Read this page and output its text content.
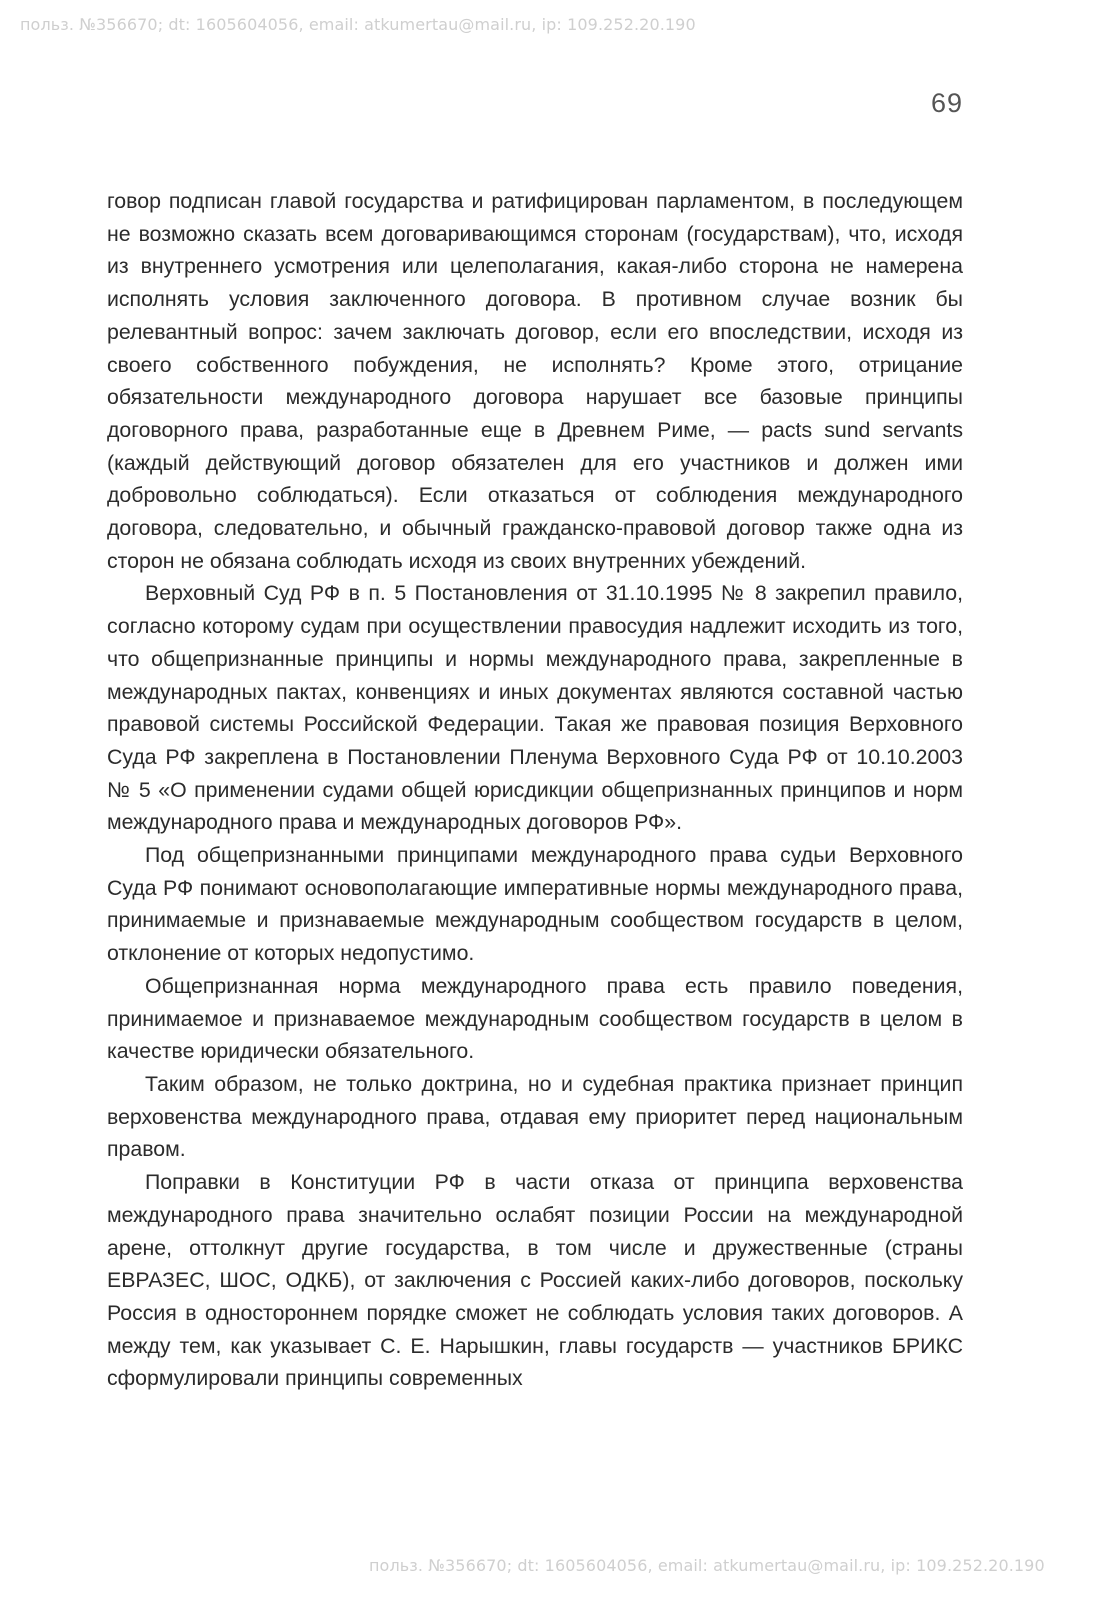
польз. №356670; dt: 1605604056, email: atkumertau@mail.ru, ip: 109.252.20.190
69

говор подписан главой государства и ратифицирован парламентом, в последующем не возможно сказать всем договаривающимся сторонам (государствам), что, исходя из внутреннего усмотрения или целеполагания, какая-либо сторона не намерена исполнять условия заключенного договора. В противном случае возник бы релевантный вопрос: зачем заключать договор, если его впоследствии, исходя из своего собственного побуждения, не исполнять? Кроме этого, отрицание обязательности международного договора нарушает все базовые принципы договорного права, разработанные еще в Древнем Риме, — pacts sund servants (каждый действующий договор обязателен для его участников и должен ими добровольно соблюдаться). Если отказаться от соблюдения международного договора, следовательно, и обычный гражданско-правовой договор также одна из сторон не обязана соблюдать исходя из своих внутренних убеждений.

Верховный Суд РФ в п. 5 Постановления от 31.10.1995 № 8 закрепил правило, согласно которому судам при осуществлении правосудия надлежит исходить из того, что общепризнанные принципы и нормы международного права, закрепленные в международных пактах, конвенциях и иных документах являются составной частью правовой системы Российской Федерации. Такая же правовая позиция Верховного Суда РФ закреплена в Постановлении Пленума Верховного Суда РФ от 10.10.2003 № 5 «О применении судами общей юрисдикции общепризнанных принципов и норм международного права и международных договоров РФ».

Под общепризнанными принципами международного права судьи Верховного Суда РФ понимают основополагающие императивные нормы международного права, принимаемые и признаваемые международным сообществом государств в целом, отклонение от которых недопустимо.

Общепризнанная норма международного права есть правило поведения, принимаемое и признаваемое международным сообществом государств в целом в качестве юридически обязательного.

Таким образом, не только доктрина, но и судебная практика признает принцип верховенства международного права, отдавая ему приоритет перед национальным правом.

Поправки в Конституции РФ в части отказа от принципа верховенства международного права значительно ослабят позиции России на международной арене, оттолкнут другие государства, в том числе и дружественные (страны ЕВРАЗЕС, ШОС, ОДКБ), от заключения с Россией каких-либо договоров, поскольку Россия в одностороннем порядке сможет не соблюдать условия таких договоров. А между тем, как указывает С. Е. Нарышкин, главы государств — участников БРИКС сформулировали принципы современных

польз. №356670; dt: 1605604056, email: atkumertau@mail.ru, ip: 109.252.20.190
